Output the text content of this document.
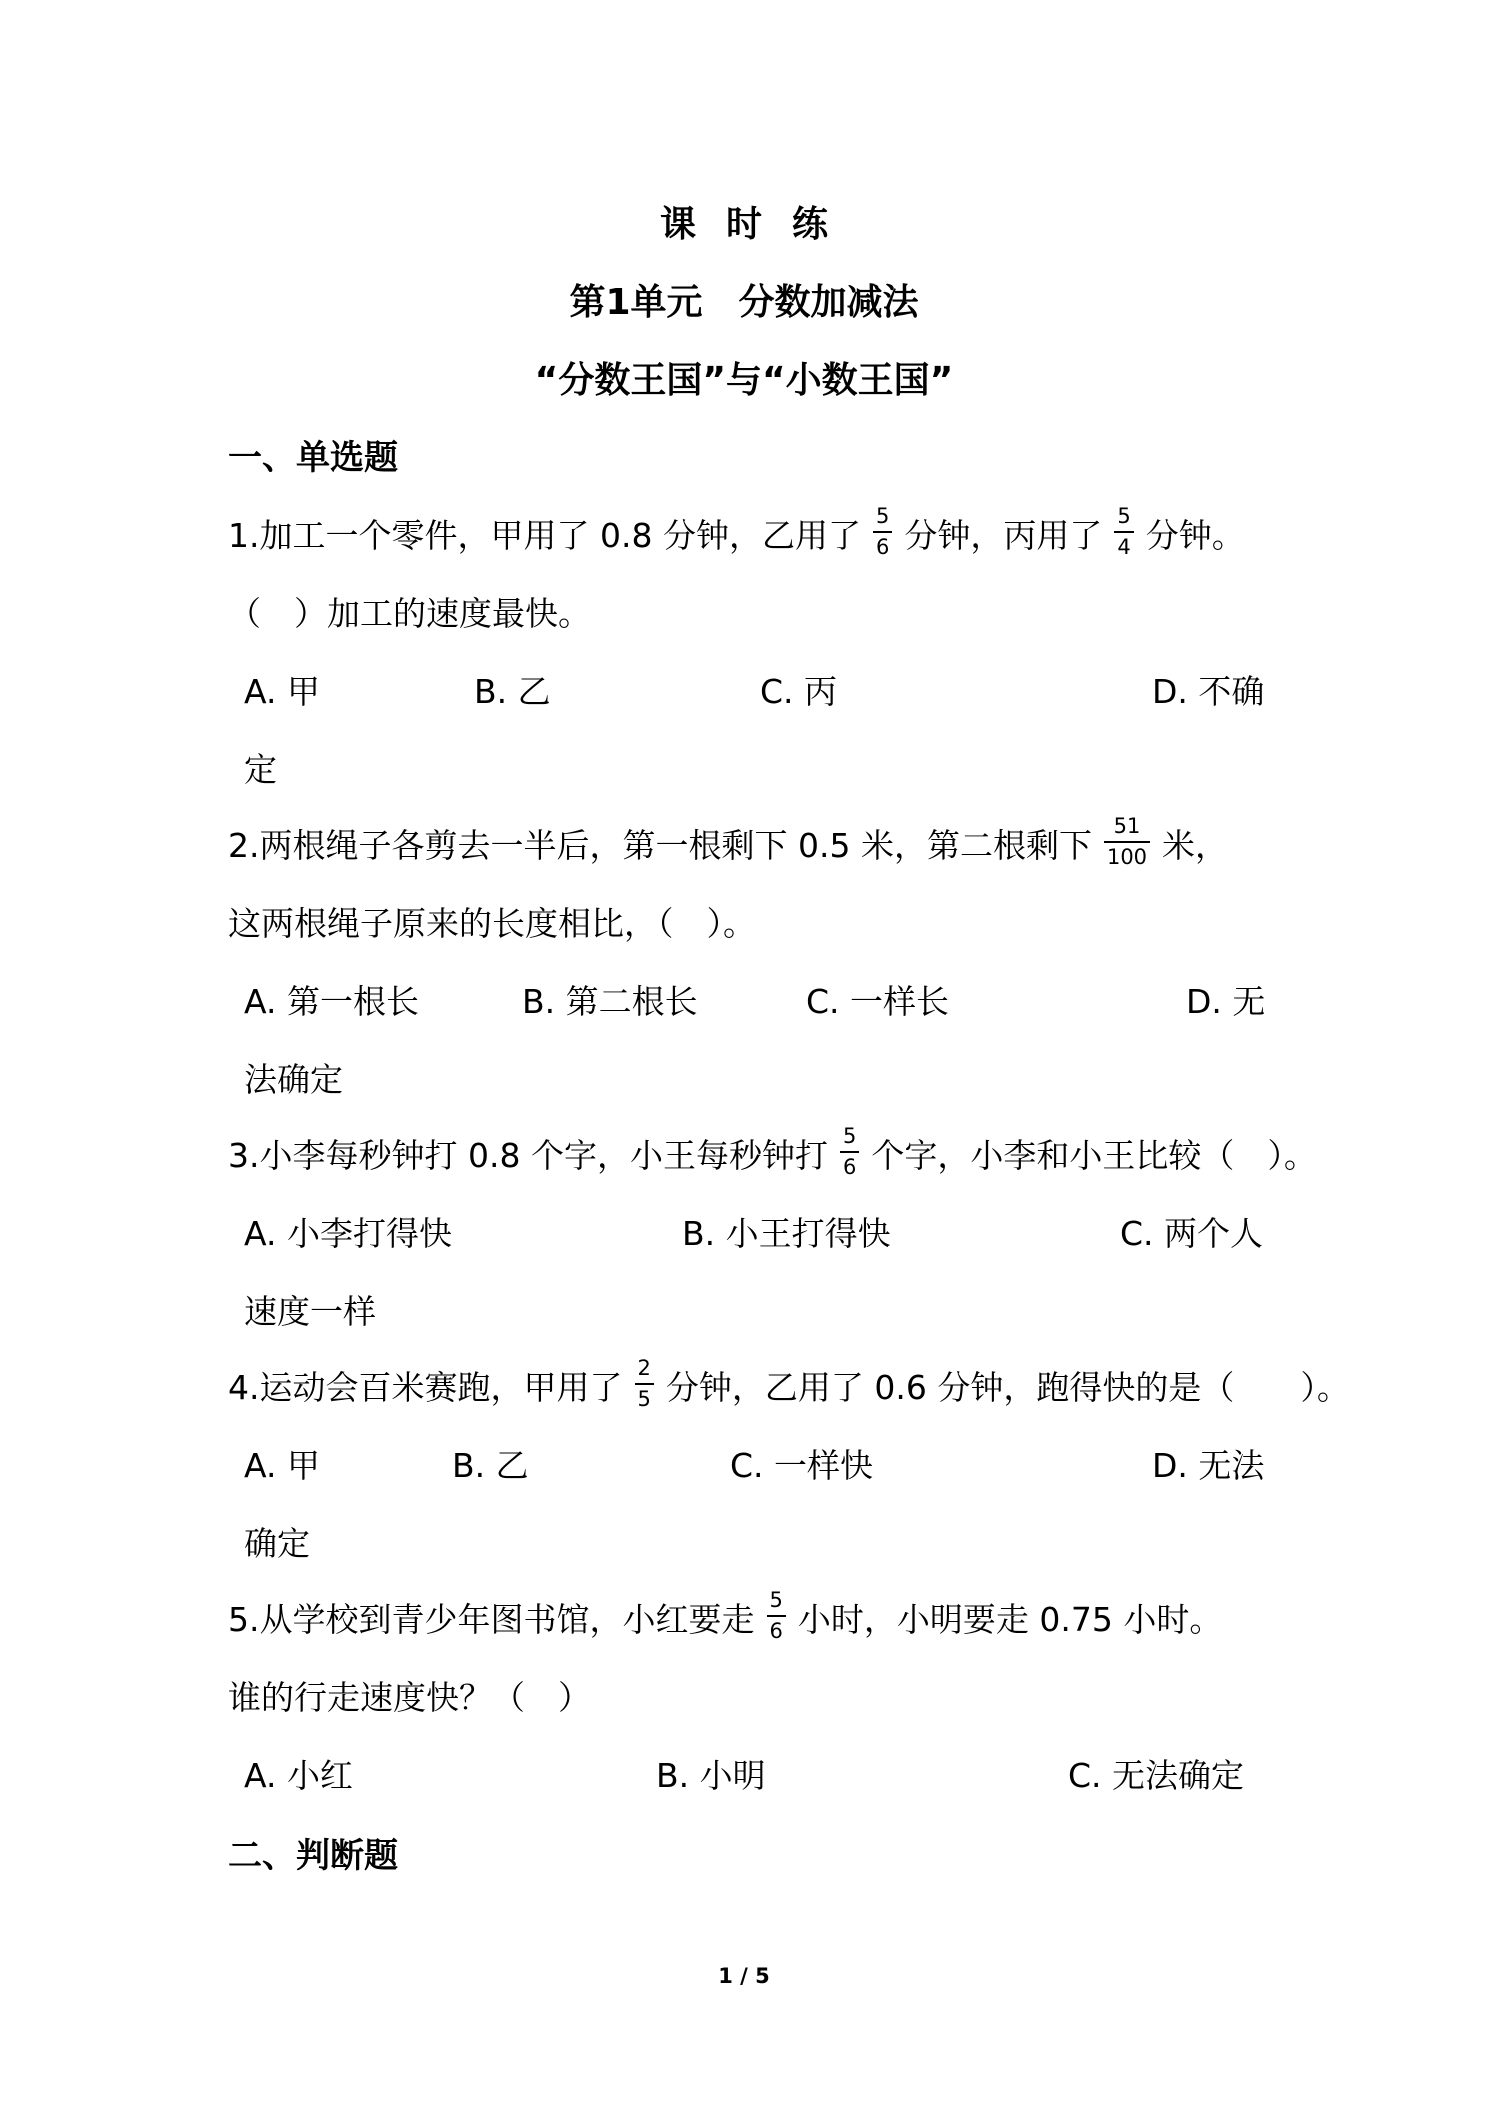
课时练
第1单元　分数加减法
“分数王国”与“小数王国”
一、单选题
1.加工一个零件，甲用了 0.8 分钟，乙用了 $\frac{5}{6}$ 分钟，丙用了 $\frac{5}{4}$ 分钟。
（　）加工的速度最快。
A. 甲	B. 乙	C. 丙	D. 不确
定
2.两根绳子各剪去一半后，第一根剩下 0.5 米，第二根剩下 $\frac{51}{100}$ 米，
这两根绳子原来的长度相比，（　）。
A. 第一根长	B. 第二根长	C. 一样长	D. 无
法确定
3.小李每秒钟打 0.8 个字，小王每秒钟打 $\frac{5}{6}$ 个字，小李和小王比较（　）。
A. 小李打得快	B. 小王打得快	C. 两个人
速度一样
4.运动会百米赛跑，甲用了 $\frac{2}{5}$ 分钟，乙用了 0.6 分钟，跑得快的是（　　）。
A. 甲	B. 乙	C. 一样快	D. 无法
确定
5.从学校到青少年图书馆，小红要走 $\frac{5}{6}$ 小时，小明要走 0.75 小时。
谁的行走速度快？（　）
A. 小红	B. 小明	C. 无法确定
二、判断题
1 / 5
